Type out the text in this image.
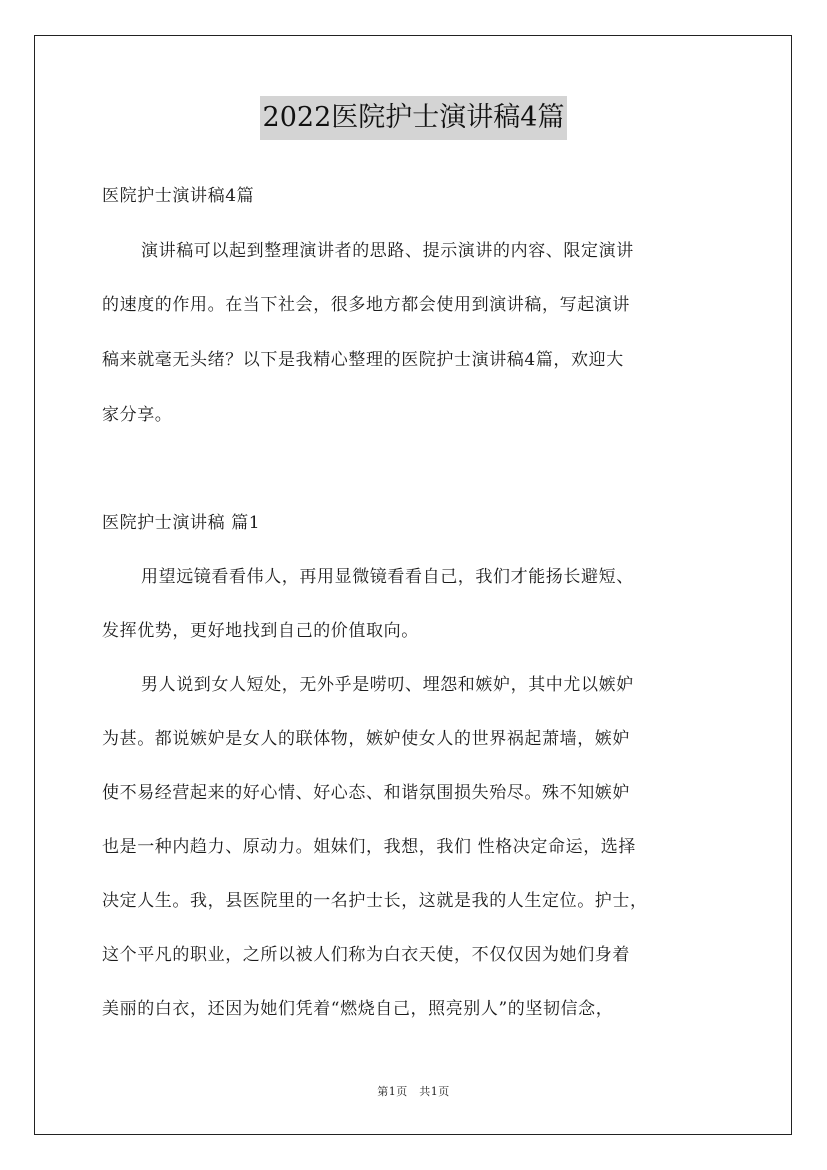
2022医院护士演讲稿4篇
医院护士演讲稿4篇
演讲稿可以起到整理演讲者的思路、提示演讲的内容、限定演讲
的速度的作用。在当下社会，很多地方都会使用到演讲稿，写起演讲
稿来就毫无头绪？以下是我精心整理的医院护士演讲稿4篇，欢迎大
家分享。
医院护士演讲稿 篇1
用望远镜看看伟人，再用显微镜看看自己，我们才能扬长避短、
发挥优势，更好地找到自己的价值取向。
男人说到女人短处，无外乎是唠叨、埋怨和嫉妒，其中尤以嫉妒
为甚。都说嫉妒是女人的联体物，嫉妒使女人的世界祸起萧墙，嫉妒
使不易经营起来的好心情、好心态、和谐氛围损失殆尽。殊不知嫉妒
也是一种内趋力、原动力。姐妹们，我想，我们 性格决定命运，选择
决定人生。我，县医院里的一名护士长，这就是我的人生定位。护士，
这个平凡的职业，之所以被人们称为白衣天使，不仅仅因为她们身着
美丽的白衣，还因为她们凭着“燃烧自己，照亮别人”的坚韧信念，
第1页　共1页
